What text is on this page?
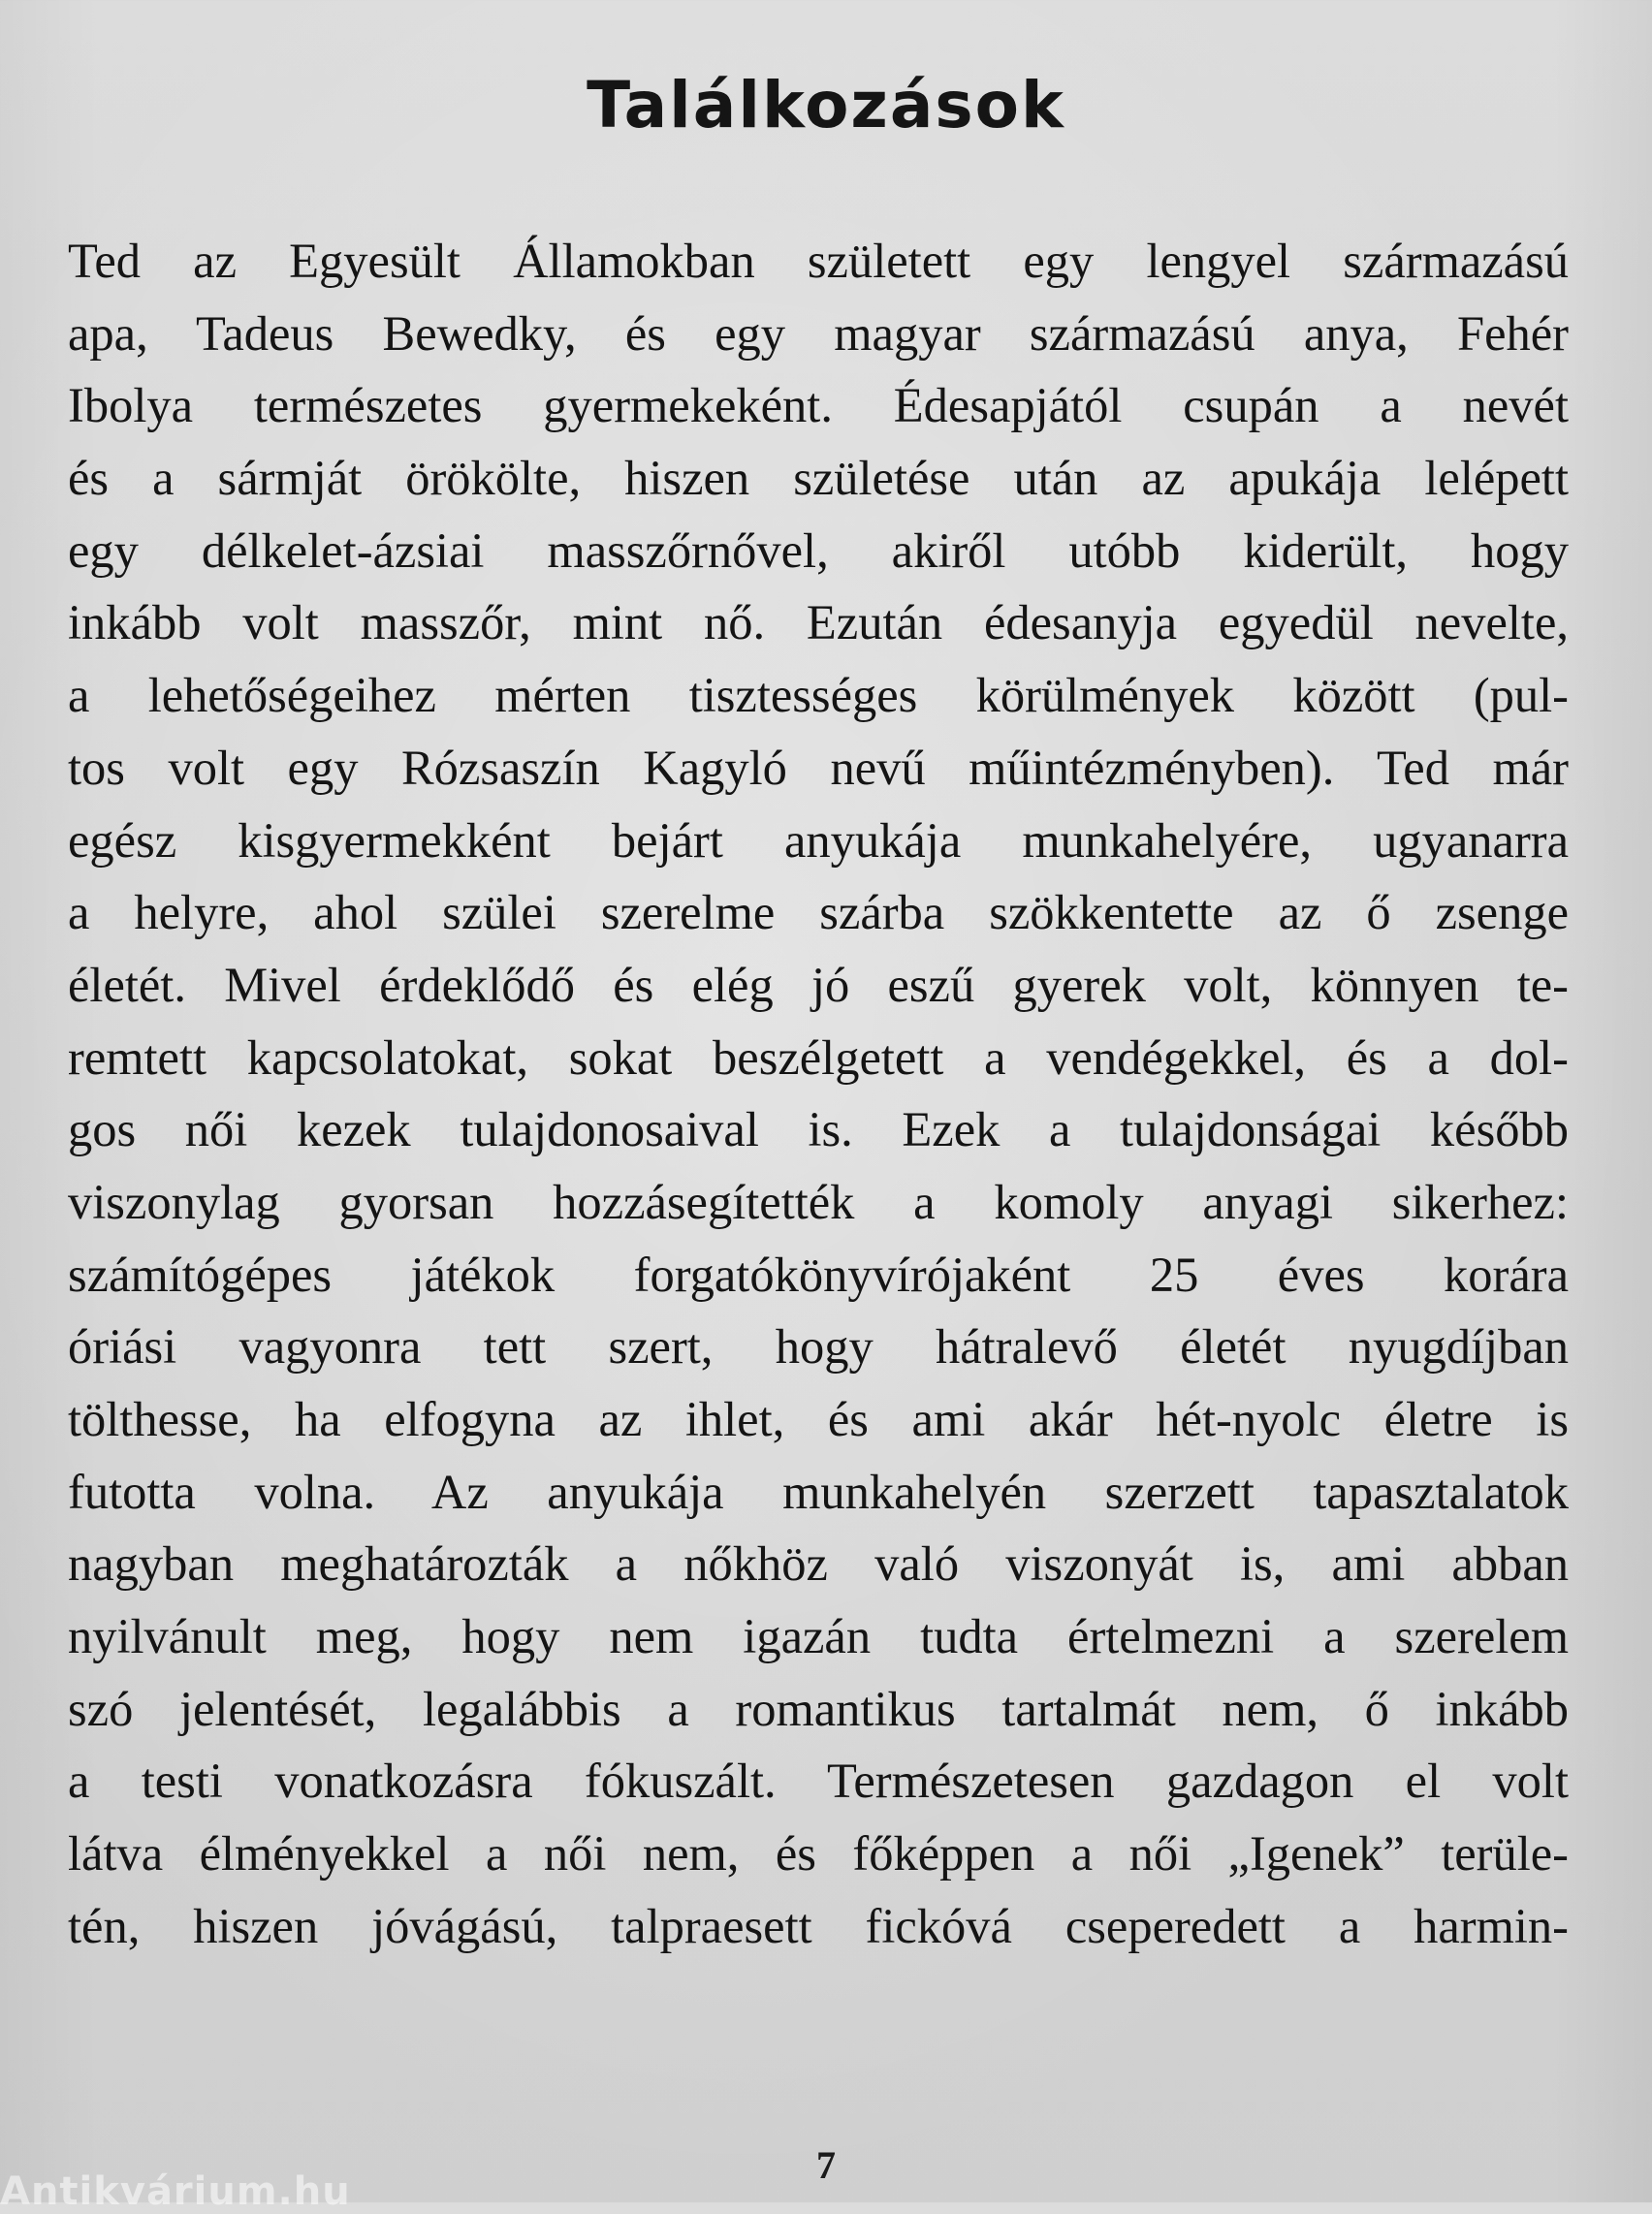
Találkozások
Ted az Egyesült Államokban született egy lengyel származású
apa, Tadeus Bewedky, és egy magyar származású anya, Fehér
Ibolya természetes gyermekeként. Édesapjától csupán a nevét
és a sármját örökölte, hiszen születése után az apukája lelépett
egy délkelet-ázsiai masszőrnővel, akiről utóbb kiderült, hogy
inkább volt masszőr, mint nő. Ezután édesanyja egyedül nevelte,
a lehetőségeihez mérten tisztességes körülmények között (pul-
tos volt egy Rózsaszín Kagyló nevű műintézményben). Ted már
egész kisgyermekként bejárt anyukája munkahelyére, ugyanarra
a helyre, ahol szülei szerelme szárba szökkentette az ő zsenge
életét. Mivel érdeklődő és elég jó eszű gyerek volt, könnyen te-
remtett kapcsolatokat, sokat beszélgetett a vendégekkel, és a dol-
gos női kezek tulajdonosaival is. Ezek a tulajdonságai később
viszonylag gyorsan hozzásegítették a komoly anyagi sikerhez:
számítógépes játékok forgatókönyvírójaként 25 éves korára
óriási vagyonra tett szert, hogy hátralevő életét nyugdíjban
tölthesse, ha elfogyna az ihlet, és ami akár hét-nyolc életre is
futotta volna. Az anyukája munkahelyén szerzett tapasztalatok
nagyban meghatározták a nőkhöz való viszonyát is, ami abban
nyilvánult meg, hogy nem igazán tudta értelmezni a szerelem
szó jelentését, legalábbis a romantikus tartalmát nem, ő inkább
a testi vonatkozásra fókuszált. Természetesen gazdagon el volt
látva élményekkel a női nem, és főképpen a női „Igenek” terüle-
tén, hiszen jóvágású, talpraesett fickóvá cseperedett a harmin-
7
Antikvárium.hu
